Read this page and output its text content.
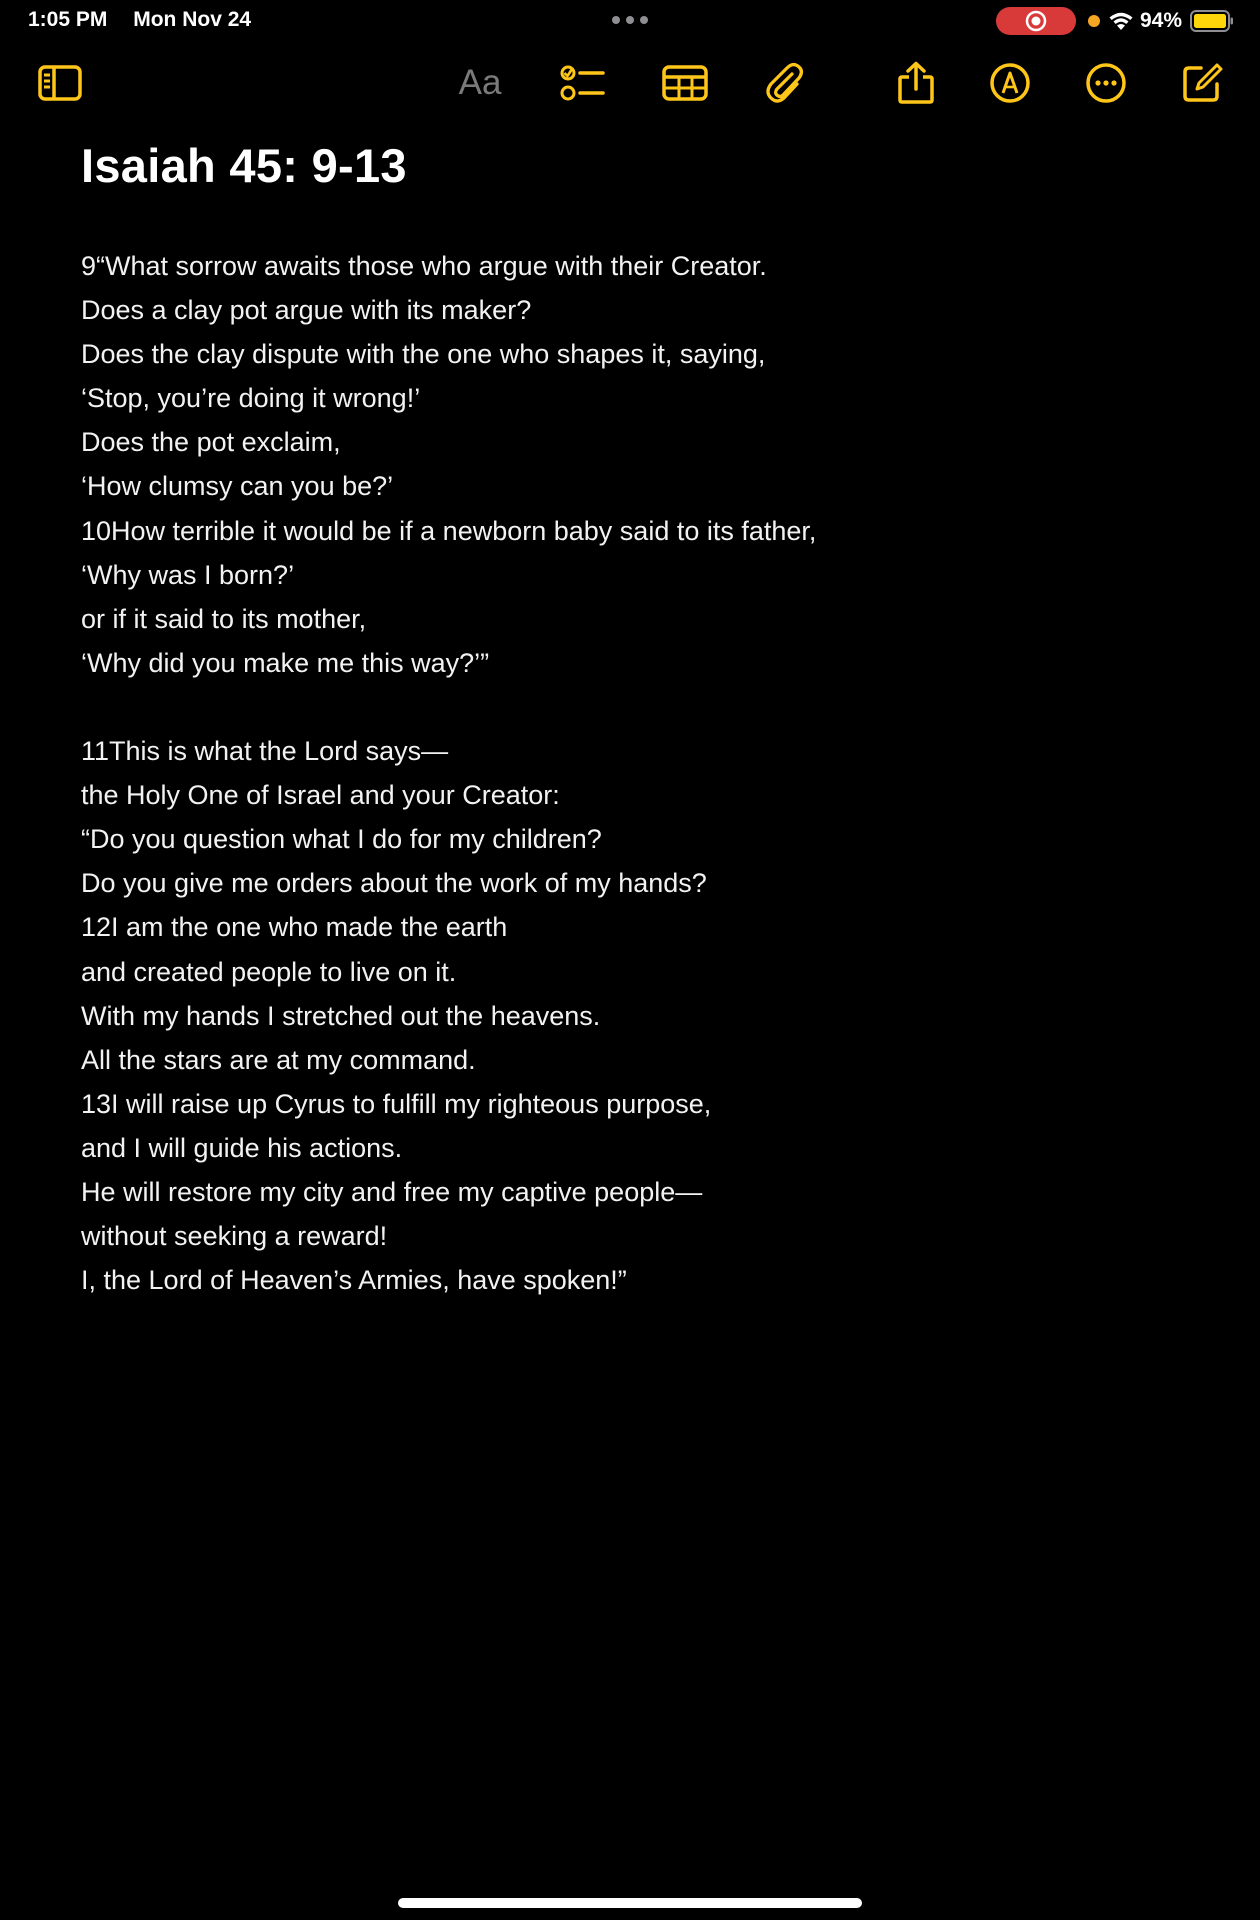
1:05 PM Mon Nov 24	94%
Aa
Isaiah 45: 9-13
9“What sorrow awaits those who argue with their Creator.
Does a clay pot argue with its maker?
Does the clay dispute with the one who shapes it, saying,
‘Stop, you’re doing it wrong!’
Does the pot exclaim,
‘How clumsy can you be?’
10How terrible it would be if a newborn baby said to its father,
‘Why was I born?’
or if it said to its mother,
‘Why did you make me this way?’”
11This is what the Lord says—
the Holy One of Israel and your Creator:
“Do you question what I do for my children?
Do you give me orders about the work of my hands?
12I am the one who made the earth
and created people to live on it.
With my hands I stretched out the heavens.
All the stars are at my command.
13I will raise up Cyrus to fulfill my righteous purpose,
and I will guide his actions.
He will restore my city and free my captive people—
without seeking a reward!
I, the Lord of Heaven’s Armies, have spoken!”
